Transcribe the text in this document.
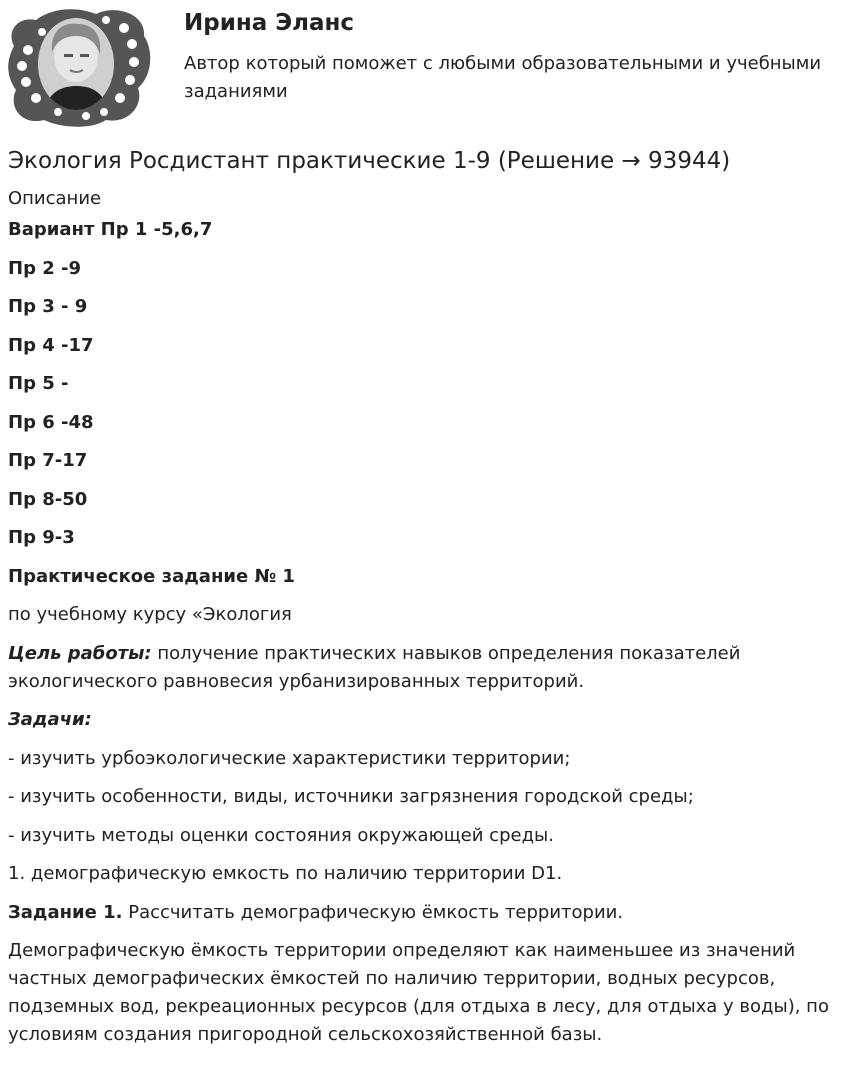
Ирина Эланс
Автор который поможет с любыми образовательными и учебными заданиями
Экология Росдистант практические 1-9 (Решение → 93944)
Описание

Вариант Пр 1 -5,6,7

Пр 2 -9

Пр 3 - 9

Пр 4 -17

Пр 5 -

Пр 6 -48

Пр 7-17

Пр 8-50

Пр 9-3

Практическое задание № 1

по учебному курсу «Экология

Цель работы: получение практических навыков определения показателей экологического равновесия урбанизированных территорий.

Задачи:

- изучить урбоэкологические характеристики территории;

- изучить особенности, виды, источники загрязнения городской среды;

- изучить методы оценки состояния окружающей среды.

1. демографическую емкость по наличию территории D1.

Задание 1. Рассчитать демографическую ёмкость территории.

Демографическую ёмкость территории определяют как наименьшее из значений частных демографических ёмкостей по наличию территории, водных ресурсов, подземных вод, рекреационных ресурсов (для отдыха в лесу, для отдыха у воды), по условиям создания пригородной сельскохозяйственной базы.
